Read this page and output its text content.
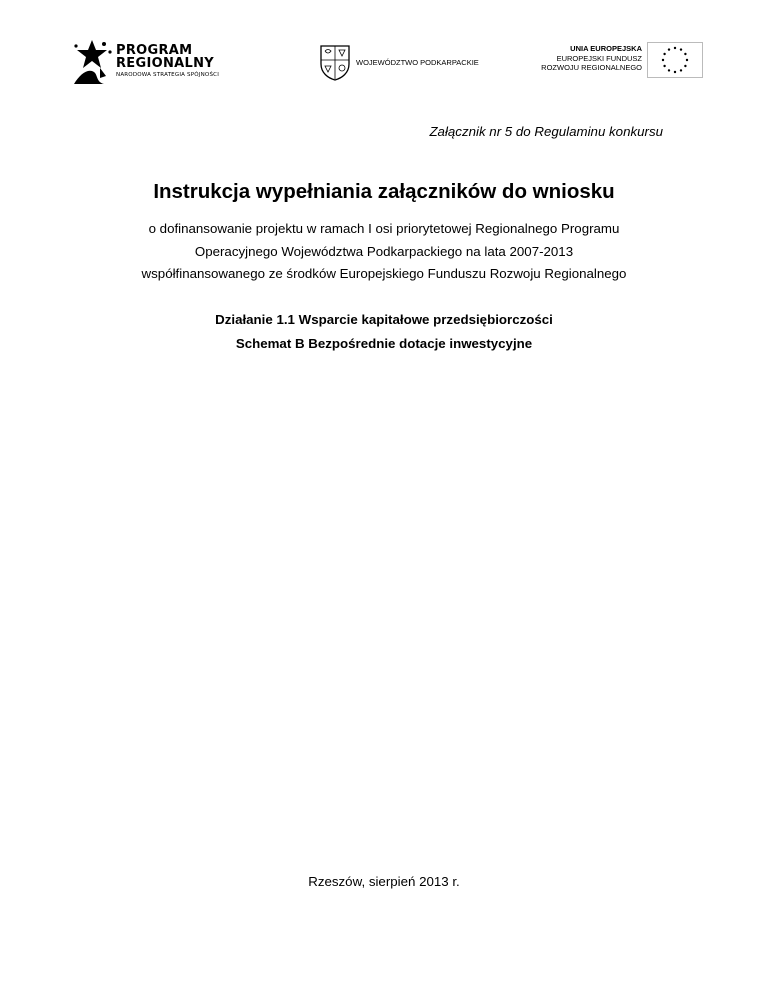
PROGRAM
REGIONALNY
NARODOWA STRATEGIA SPÓJNOŚCI
WOJEWÓDZTWO PODKARPACKIE
UNIA EUROPEJSKA
EUROPEJSKI FUNDUSZ
ROZWOJU REGIONALNEGO
Załącznik nr 5 do Regulaminu konkursu
Instrukcja wypełniania załączników do wniosku
o dofinansowanie projektu w ramach I osi priorytetowej Regionalnego Programu
Operacyjnego Województwa Podkarpackiego na lata 2007-2013
współfinansowanego ze środków Europejskiego Funduszu Rozwoju Regionalnego
Działanie 1.1 Wsparcie kapitałowe przedsiębiorczości
Schemat B Bezpośrednie dotacje inwestycyjne
Rzeszów, sierpień 2013 r.
